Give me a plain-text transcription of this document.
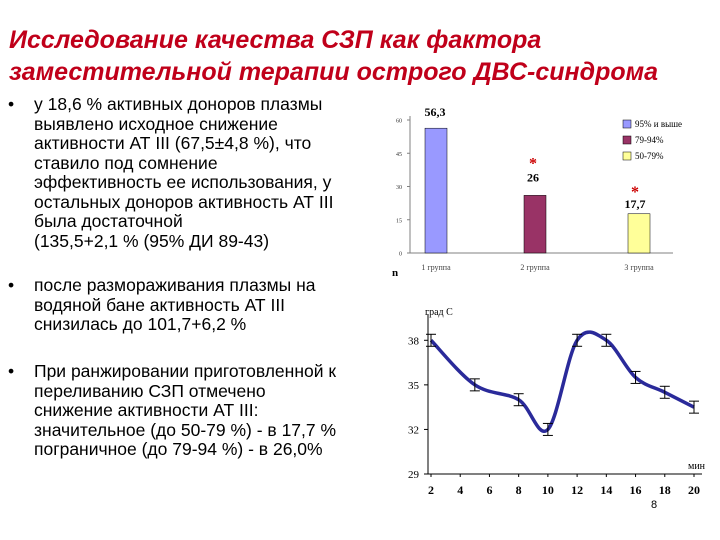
Исследование качества СЗП как фактора
заместительной терапии острого ДВС-синдрома
• у 18,6 % активных доноров плазмы
выявлено исходное снижение
активности АТ III (67,5±4,8 %), что
ставило под сомнение
эффективность ее использования, у
остальных доноров активность АТ III
была достаточной
(135,5+2,1 % (95% ДИ 89-43)
• после размораживания плазмы на
водяной бане активность АТ III
снизилась до 101,7+6,2 %
• При ранжировании приготовленной к
переливанию СЗП отмечено
снижение активности АТ III:
значительное (до 50-79 %) - в 17,7 %
пограничное (до 79-94 %) - в 26,0%
0
15
30
45
60
n	1 группа	2 группа	3 группа
56,3
26
17,7
*
*
95% и выше
79-94%
50-79%
29
32
35
38
2 4 6 8 10 12 14 16 18 20
град С
мин
8
